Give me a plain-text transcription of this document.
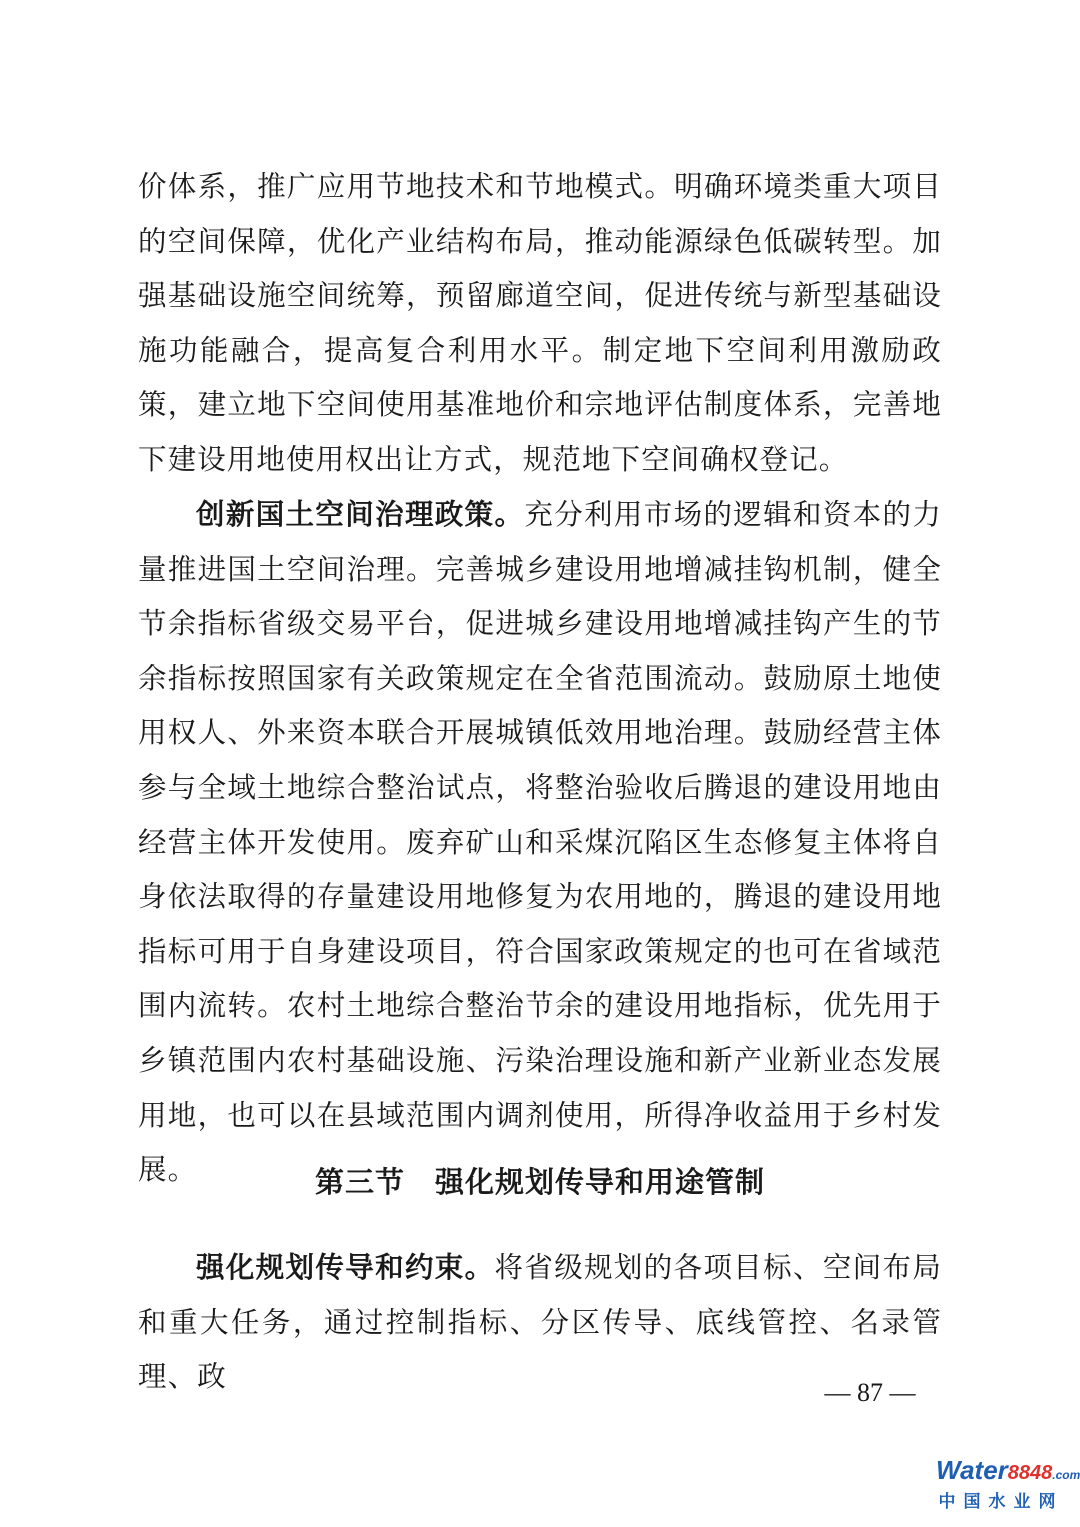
价体系，推广应用节地技术和节地模式。明确环境类重大项目的空间保障，优化产业结构布局，推动能源绿色低碳转型。加强基础设施空间统筹，预留廊道空间，促进传统与新型基础设施功能融合，提高复合利用水平。制定地下空间利用激励政策，建立地下空间使用基准地价和宗地评估制度体系，完善地下建设用地使用权出让方式，规范地下空间确权登记。

创新国土空间治理政策。充分利用市场的逻辑和资本的力量推进国土空间治理。完善城乡建设用地增减挂钩机制，健全节余指标省级交易平台，促进城乡建设用地增减挂钩产生的节余指标按照国家有关政策规定在全省范围流动。鼓励原土地使用权人、外来资本联合开展城镇低效用地治理。鼓励经营主体参与全域土地综合整治试点，将整治验收后腾退的建设用地由经营主体开发使用。废弃矿山和采煤沉陷区生态修复主体将自身依法取得的存量建设用地修复为农用地的，腾退的建设用地指标可用于自身建设项目，符合国家政策规定的也可在省域范围内流转。农村土地综合整治节余的建设用地指标，优先用于乡镇范围内农村基础设施、污染治理设施和新产业新业态发展用地，也可以在县域范围内调剂使用，所得净收益用于乡村发展。	第三节　强化规划传导和用途管制

强化规划传导和约束。将省级规划的各项目标、空间布局和重大任务，通过控制指标、分区传导、底线管控、名录管理、政	— 87 —

Water8848.com
中国水业网
